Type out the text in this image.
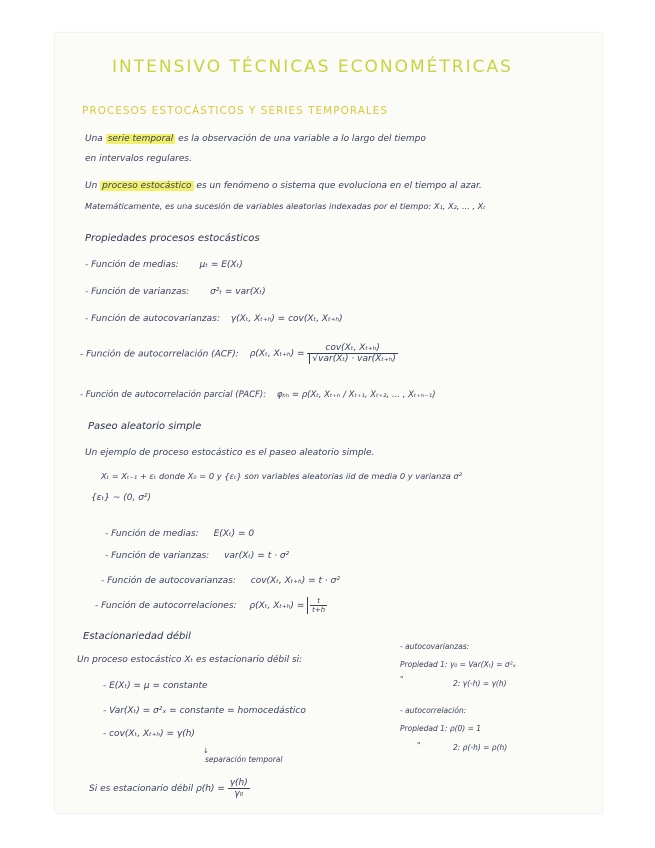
INTENSIVO TÉCNICAS ECONOMÉTRICAS
PROCESOS ESTOCÁSTICOS Y SERIES TEMPORALES
Una serie temporal es la observación de una variable a lo largo del tiempo
en intervalos regulares.
Un proceso estocástico es un fenómeno o sistema que evoluciona en el tiempo al azar.
Matemáticamente, es una sucesión de variables aleatorias indexadas por el tiempo: X₁, X₂, ... , Xₜ
Propiedades procesos estocásticos
- Función de medias: μₜ = E(Xₜ)
- Función de varianzas: σ²ₜ = var(Xₜ)
- Función de autocovarianzas: γ(Xₜ, Xₜ₊ₕ) = cov(Xₜ, Xₜ₊ₕ)
- Función de autocorrelación (ACF): ρ(Xₜ, $X_{t+h}) = \frac{\text{cov(Xₜ, Xₜ₊ₕ)}}{\text{√var(Xₜ) · var(Xₜ₊ₕ)}}$
- Función de autocorrelación parcial (PACF): φₕₕ = ρ(Xₜ, Xₜ₊ₕ / Xₜ₊₁, Xₜ₊₂, ... , Xₜ₊ₕ₋₁)
Paseo aleatorio simple
Un ejemplo de proceso estocástico es el paseo aleatorio simple.
Xₜ = Xₜ₋₁ + εₜ donde X₀ = 0 y {εₜ} son variables aleatorias iid de media 0 y varianza σ²
{εₜ} ~ (0, σ²)
- Función de medias: E(Xₜ) = 0
- Función de varianzas: var(Xₜ) = t · σ²
- Función de autocovarianzas: cov(Xₜ, Xₜ₊ₕ) = t · σ²
- Función de autocorrelaciones: ρ(Xₜ, $X_{t+h}) = \frac{t}{t+h}$
Estacionariedad débil
Un proceso estocástico Xₜ es estacionario débil si:
- E(Xₜ) = μ = constante
- Var(Xₜ) = σ²ₓ = constante = homocedástico
- cov(Xₜ, Xₜ₊ₕ) = γ(h)
↓
separación temporal
Si es estacionario débil $\rho(h) = \frac{\gamma(h)}{\text{γ₀}}$
- autocovarianzas:
Propiedad 1: γ₀ = Var(Xₜ) = σ²ₓ
"	2: γ(-h) = γ(h)
- autocorrelación:
Propiedad 1: ρ(0) = 1
"	2: ρ(-h) = ρ(h)
